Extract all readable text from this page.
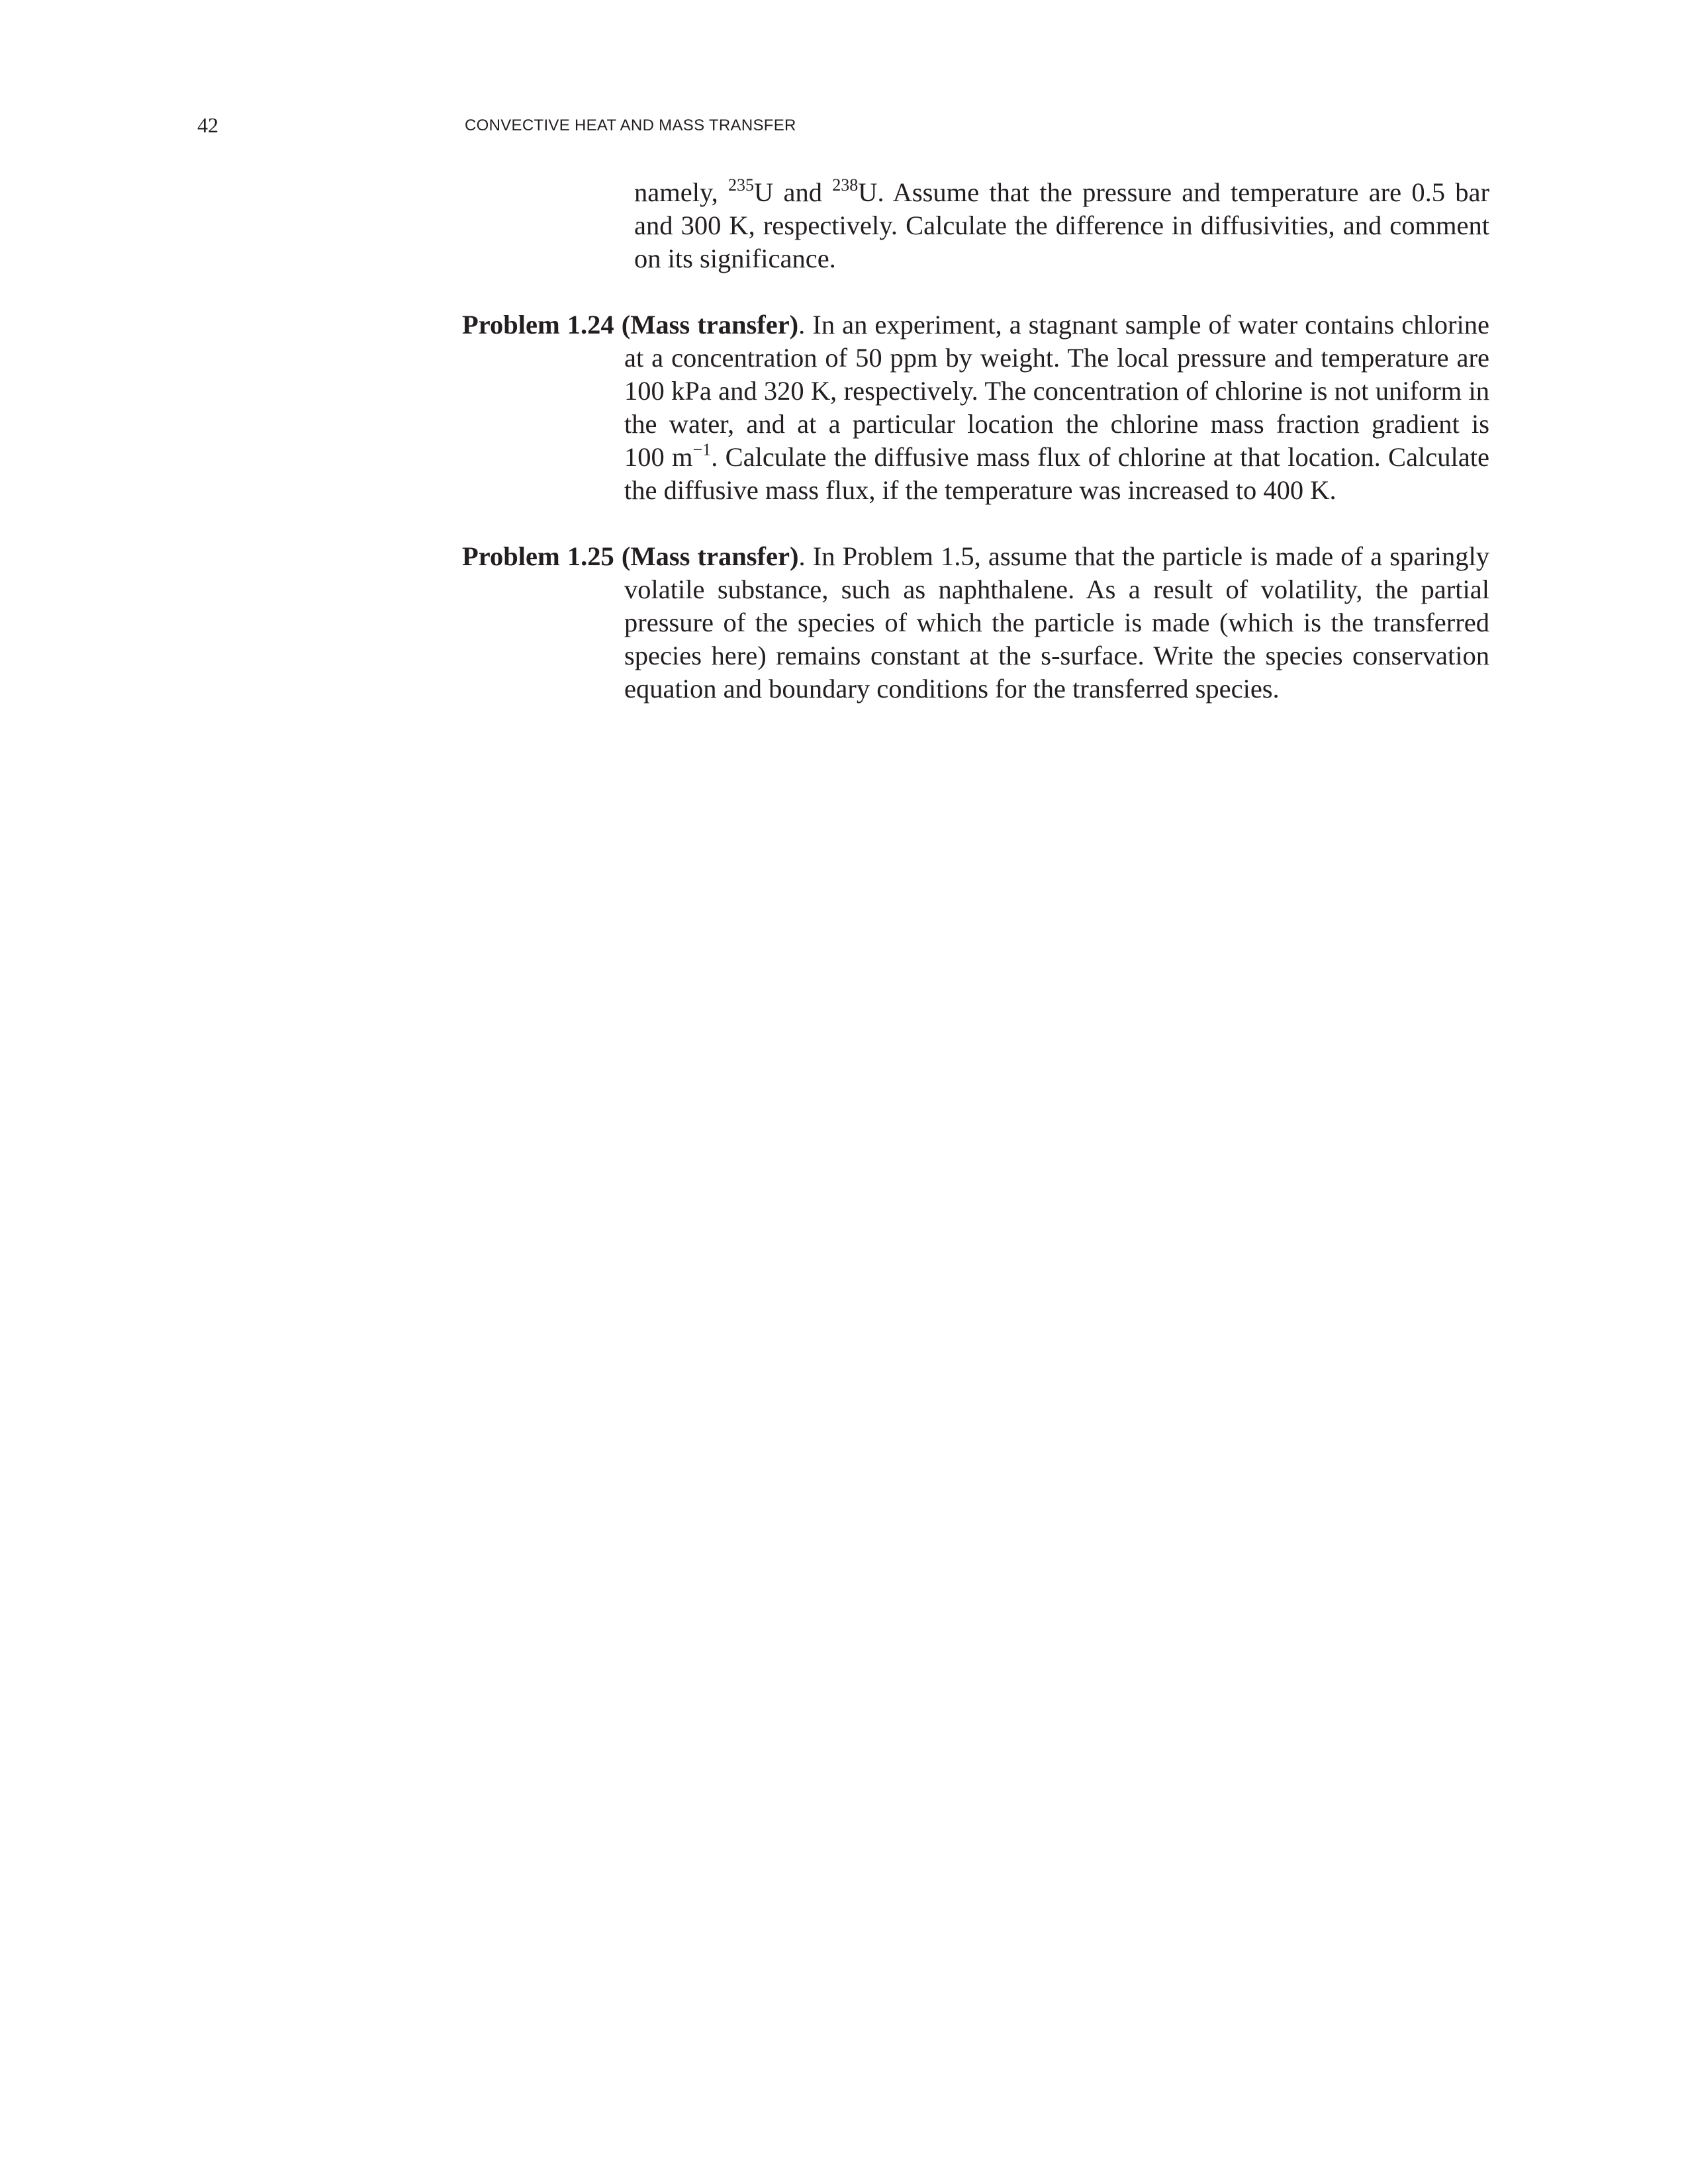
42	CONVECTIVE HEAT AND MASS TRANSFER
namely, $^{235}$U and $^{238}$U. Assume that the pressure and temperature are 0.5 bar
and 300 K, respectively. Calculate the difference in diffusivities, and comment
on its significance.
Problem 1.24 (Mass transfer). In an experiment, a stagnant sample of water contains chlorine
at a concentration of 50 ppm by weight. The local pressure and temperature are
100 kPa and 320 K, respectively. The concentration of chlorine is not uniform in
the water, and at a particular location the chlorine mass fraction gradient is
100 $m^{-1}$. Calculate the diffusive mass flux of chlorine at that location. Calculate
the diffusive mass flux, if the temperature was increased to 400 K.
Problem 1.25 (Mass transfer). In Problem 1.5, assume that the particle is made of a sparingly
volatile substance, such as naphthalene. As a result of volatility, the partial
pressure of the species of which the particle is made (which is the transferred
species here) remains constant at the s-surface. Write the species conservation
equation and boundary conditions for the transferred species.
